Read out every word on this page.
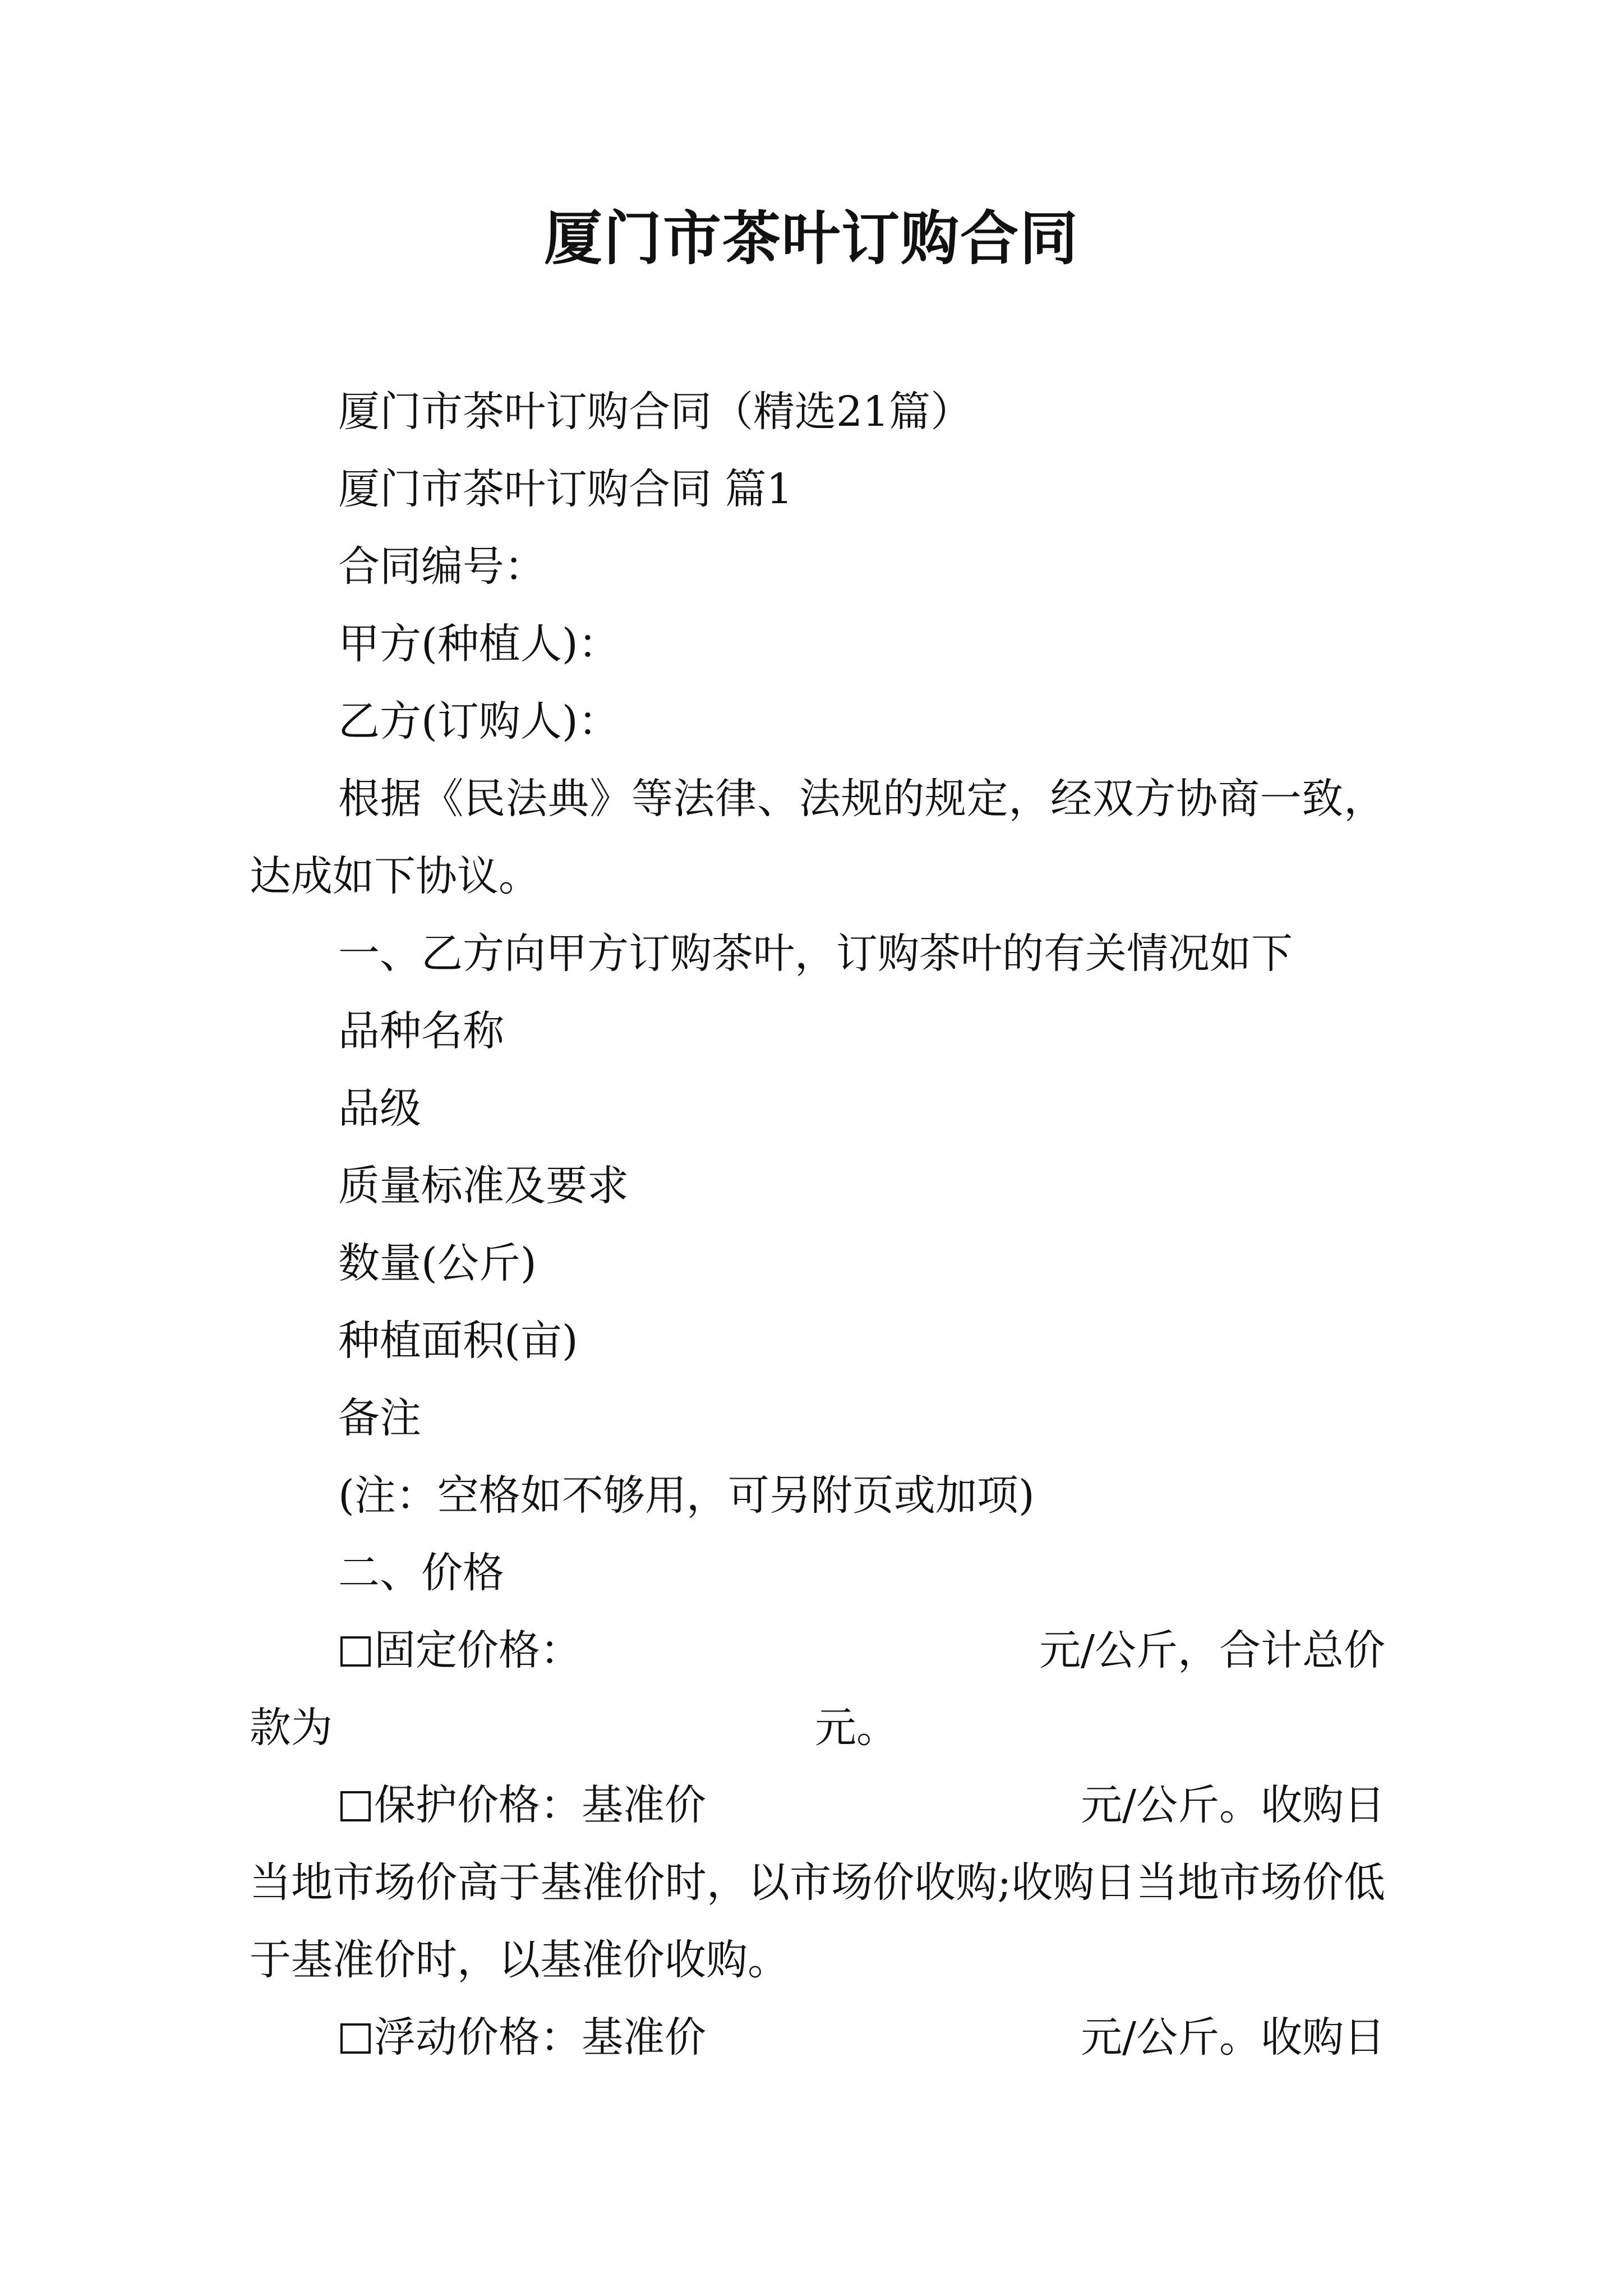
厦门市茶叶订购合同

厦门市茶叶订购合同（精选21篇）

厦门市茶叶订购合同 篇1

合同编号：

甲方(种植人)：

乙方(订购人)：

根据《民法典》等法律、法规的规定，经双方协商一致，达成如下协议。

一、乙方向甲方订购茶叶，订购茶叶的有关情况如下

品种名称

品级

质量标准及要求

数量(公斤)

种植面积(亩)

备注

(注：空格如不够用，可另附页或加项)

二、价格

固定价格：	元/公斤，合计总价

款为	元。

保护价格：基准价	元/公斤。收购日

当地市场价高于基准价时，以市场价收购;收购日当地市场价低于基准价时，以基准价收购。

浮动价格：基准价	元/公斤。收购日
